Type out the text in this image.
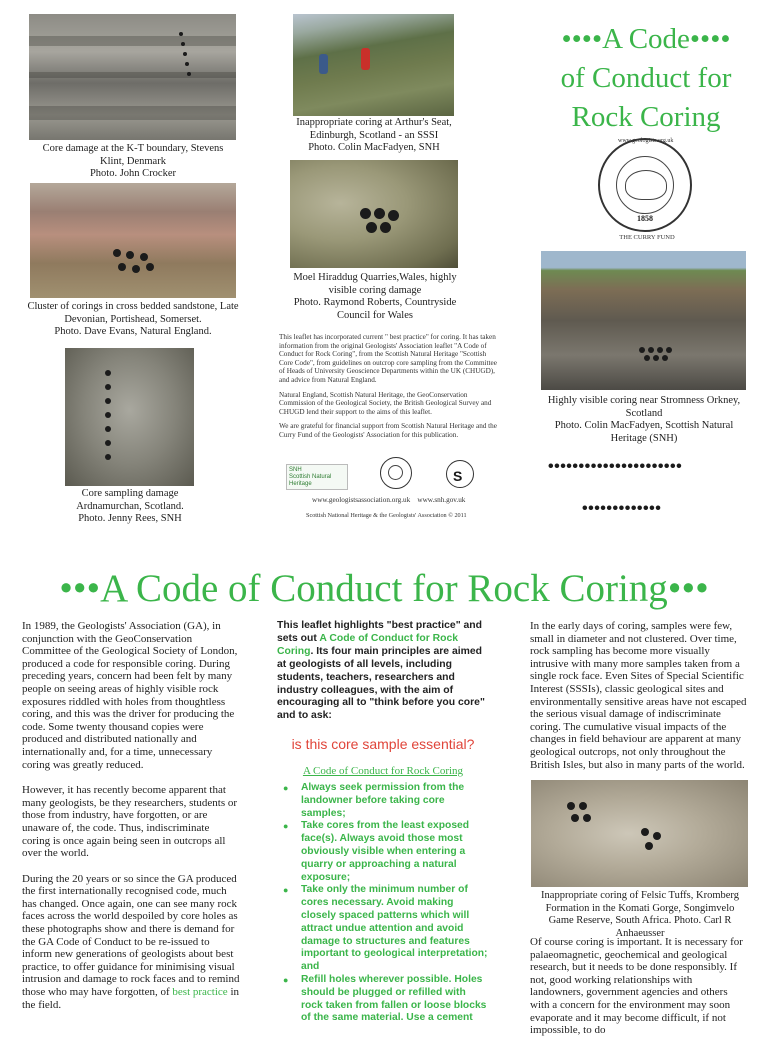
Core damage at the K-T boundary, Stevens Klint, Denmark
Photo. John Crocker
Cluster of corings in cross bedded sandstone, Late Devonian, Portishead, Somerset.
Photo. Dave Evans, Natural England.
Core sampling damage Ardnamurchan, Scotland.
Photo. Jenny Rees, SNH
Inappropriate coring at Arthur's Seat, Edinburgh, Scotland - an SSSI
Photo. Colin MacFadyen, SNH
Moel Hiraddug Quarries,Wales, highly visible coring damage
Photo. Raymond Roberts, Countryside Council for Wales

This leaflet has incorporated current " best practice" for coring. It has taken information from the original Geologists' Association leaflet "A Code of Conduct for Rock Coring", from the Scottish Natural Heritage "Scottish Core Code", from guidelines on outcrop core sampling from the Committee of Heads of University Geoscience Departments within the UK (CHUGD), and advice from Natural England.

Natural England, Scottish Natural Heritage, the GeoConservation Commission of the Geological Society, the British Geological Survey and CHUGD lend their support to the aims of this leaflet.

We are grateful for financial support from Scottish Natural Heritage and the Curry Fund of the Geologists' Association for this publication.

SNH
Scottish Natural Heritage	S
www.geologistsassociation.org.uk www.snh.gov.uk
Scottish National Heritage & the Geologists' Association © 2011
••••A Code••••
of Conduct for
Rock Coring
1858
www.geologists.org.uk
THE CURRY FUND
Highly visible coring near Stromness Orkney, Scotland
Photo. Colin MacFadyen, Scottish Natural Heritage (SNH)
••••••••••••••••••••••
•••••••••••••
•••A Code of Conduct for Rock Coring•••

In 1989, the Geologists' Association (GA), in conjunction with the GeoConservation Committee of the Geological Society of London, produced a code for responsible coring. During preceding years, concern had been felt by many people on seeing areas of highly visible rock exposures riddled with holes from thoughtless coring, and this was the driver for producing the code. Some twenty thousand copies were produced and distributed nationally and internationally and, for a time, unnecessary coring was greatly reduced.

However, it has recently become apparent that many geologists, be they researchers, students or those from industry, have forgotten, or are unaware of, the code. Thus, indiscriminate coring is once again being seen in outcrops all over the world.

During the 20 years or so since the GA produced the first internationally recognised code, much has changed. Once again, one can see many rock faces across the world despoiled by core holes as these photographs show and there is demand for the GA Code of Conduct to be re-issued to inform new generations of geologists about best practice, to offer guidance for minimising visual intrusion and damage to rock faces and to remind those who may have forgotten, of best practice in the field.

This leaflet highlights "best practice" and sets out A Code of Conduct for Rock Coring. Its four main principles are aimed at geologists of all levels, including students, teachers, researchers and industry colleagues, with the aim of encouraging all to "think before you core" and to ask:
is this core sample essential?
A Code of Conduct for Rock Coring
● Always seek permission from the landowner before taking core samples;
● Take cores from the least exposed face(s). Always avoid those most obviously visible when entering a quarry or approaching a natural exposure;
● Take only the minimum number of cores necessary. Avoid making closely spaced patterns which will attract undue attention and avoid damage to structures and features important to geological interpretation; and
● Refill holes wherever possible. Holes should be plugged or refilled with rock taken from fallen or loose blocks of the same material. Use a cement

In the early days of coring, samples were few, small in diameter and not clustered. Over time, rock sampling has become more visually intrusive with many more samples taken from a single rock face. Even Sites of Special Scientific Interest (SSSIs), classic geological sites and environmentally sensitive areas have not escaped the serious visual damage of indiscriminate coring. The cumulative visual impacts of the changes in field behaviour are apparent at many geological outcrops, not only throughout the British Isles, but also in many parts of the world.

Inappropriate coring of Felsic Tuffs, Kromberg Formation in the Komati Gorge, Songimvelo Game Reserve, South Africa. Photo. Carl R Anhaeusser

Of course coring is important. It is necessary for palaeomagnetic, geochemical and geological research, but it needs to be done responsibly. If not, good working relationships with landowners, government agencies and others with a concern for the environment may soon evaporate and it may become difficult, if not impossible, to do
